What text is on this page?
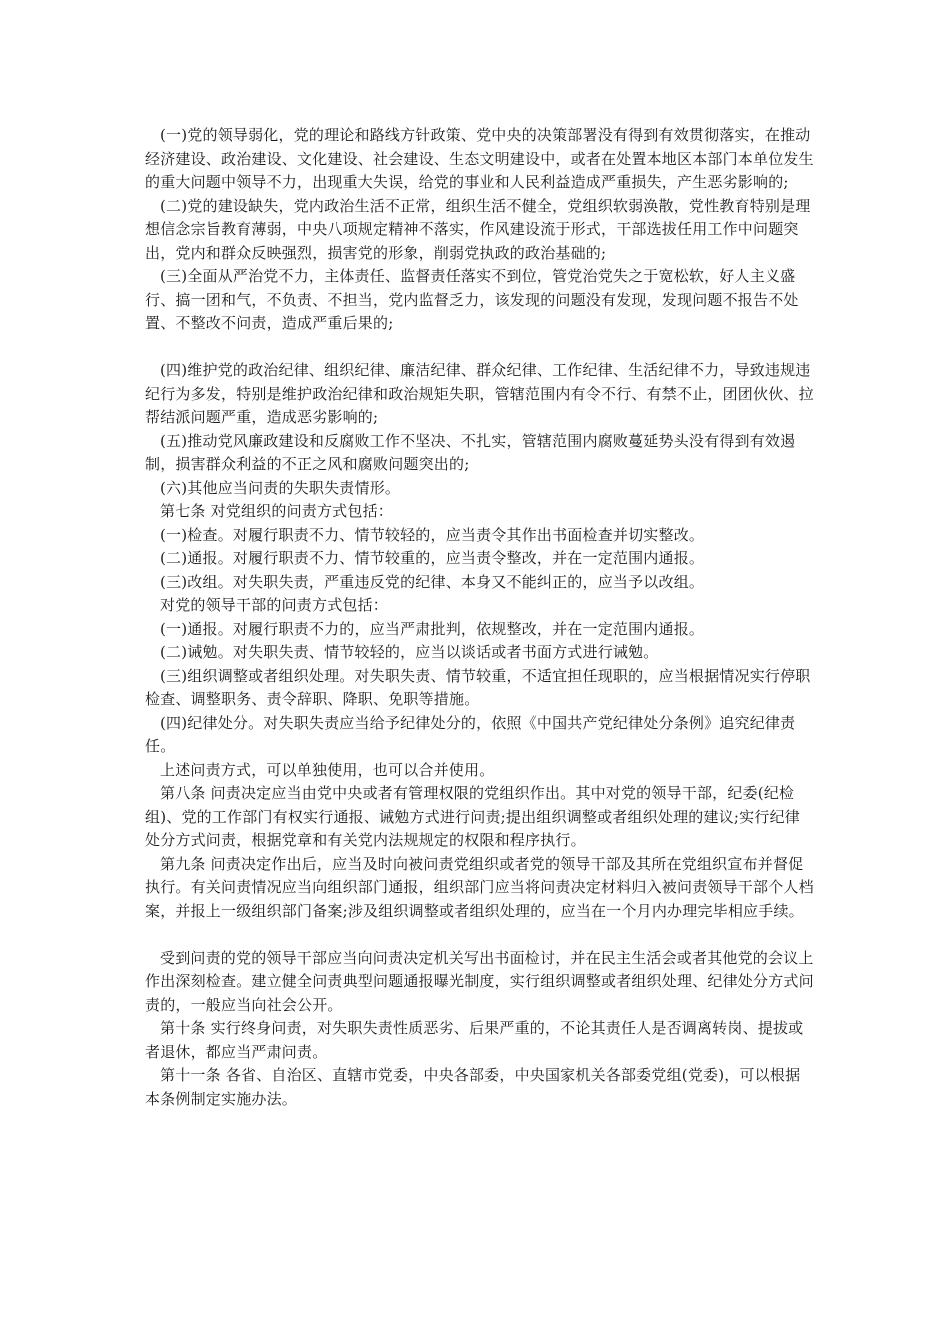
(一)党的领导弱化，党的理论和路线方针政策、党中央的决策部署没有得到有效贯彻落实，在推动经济建设、政治建设、文化建设、社会建设、生态文明建设中，或者在处置本地区本部门本单位发生的重大问题中领导不力，出现重大失误，给党的事业和人民利益造成严重损失，产生恶劣影响的;

(二)党的建设缺失，党内政治生活不正常，组织生活不健全，党组织软弱涣散，党性教育特别是理想信念宗旨教育薄弱，中央八项规定精神不落实，作风建设流于形式，干部选拔任用工作中问题突出，党内和群众反映强烈，损害党的形象，削弱党执政的政治基础的;

(三)全面从严治党不力，主体责任、监督责任落实不到位，管党治党失之于宽松软，好人主义盛行、搞一团和气，不负责、不担当，党内监督乏力，该发现的问题没有发现，发现问题不报告不处置、不整改不问责，造成严重后果的;

(四)维护党的政治纪律、组织纪律、廉洁纪律、群众纪律、工作纪律、生活纪律不力，导致违规违纪行为多发，特别是维护政治纪律和政治规矩失职，管辖范围内有令不行、有禁不止，团团伙伙、拉帮结派问题严重，造成恶劣影响的;

(五)推动党风廉政建设和反腐败工作不坚决、不扎实，管辖范围内腐败蔓延势头没有得到有效遏制，损害群众利益的不正之风和腐败问题突出的;

(六)其他应当问责的失职失责情形。

第七条 对党组织的问责方式包括：

(一)检查。对履行职责不力、情节较轻的，应当责令其作出书面检查并切实整改。

(二)通报。对履行职责不力、情节较重的，应当责令整改，并在一定范围内通报。

(三)改组。对失职失责，严重违反党的纪律、本身又不能纠正的，应当予以改组。

对党的领导干部的问责方式包括：

(一)通报。对履行职责不力的，应当严肃批判，依规整改，并在一定范围内通报。

(二)诫勉。对失职失责、情节较轻的，应当以谈话或者书面方式进行诫勉。

(三)组织调整或者组织处理。对失职失责、情节较重，不适宜担任现职的，应当根据情况实行停职检查、调整职务、责令辞职、降职、免职等措施。

(四)纪律处分。对失职失责应当给予纪律处分的，依照《中国共产党纪律处分条例》追究纪律责任。

上述问责方式，可以单独使用，也可以合并使用。

第八条 问责决定应当由党中央或者有管理权限的党组织作出。其中对党的领导干部，纪委(纪检组)、党的工作部门有权实行通报、诫勉方式进行问责;提出组织调整或者组织处理的建议;实行纪律处分方式问责，根据党章和有关党内法规规定的权限和程序执行。

第九条 问责决定作出后，应当及时向被问责党组织或者党的领导干部及其所在党组织宣布并督促执行。有关问责情况应当向组织部门通报，组织部门应当将问责决定材料归入被问责领导干部个人档案，并报上一级组织部门备案;涉及组织调整或者组织处理的，应当在一个月内办理完毕相应手续。

受到问责的党的领导干部应当向问责决定机关写出书面检讨，并在民主生活会或者其他党的会议上作出深刻检查。建立健全问责典型问题通报曝光制度，实行组织调整或者组织处理、纪律处分方式问责的，一般应当向社会公开。

第十条 实行终身问责，对失职失责性质恶劣、后果严重的，不论其责任人是否调离转岗、提拔或者退休，都应当严肃问责。

第十一条 各省、自治区、直辖市党委，中央各部委，中央国家机关各部委党组(党委)，可以根据本条例制定实施办法。
